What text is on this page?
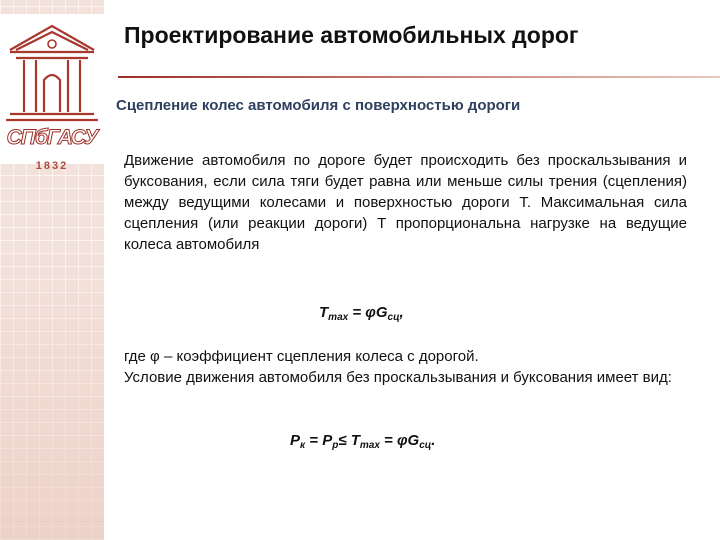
СПбГАСУ
1832
Проектирование автомобильных дорог
Сцепление колес автомобиля с поверхностью дороги
Движение автомобиля по дороге будет происходить без проскальзывания и буксования, если сила тяги будет равна или меньше силы трения (сцепления) между ведущими колесами и поверхностью дороги T. Максимальная сила сцепления (или реакции дороги) T пропорциональна нагрузке на ведущие колеса автомобиля
$T_{max} = \varphi G_{сц}$,
где φ – коэффициент сцепления колеса с дорогой.
Условие движения автомобиля без проскальзывания и буксования имеет вид:
$P_к = P_р\le T_{max} = \varphi G_{сц}$.
